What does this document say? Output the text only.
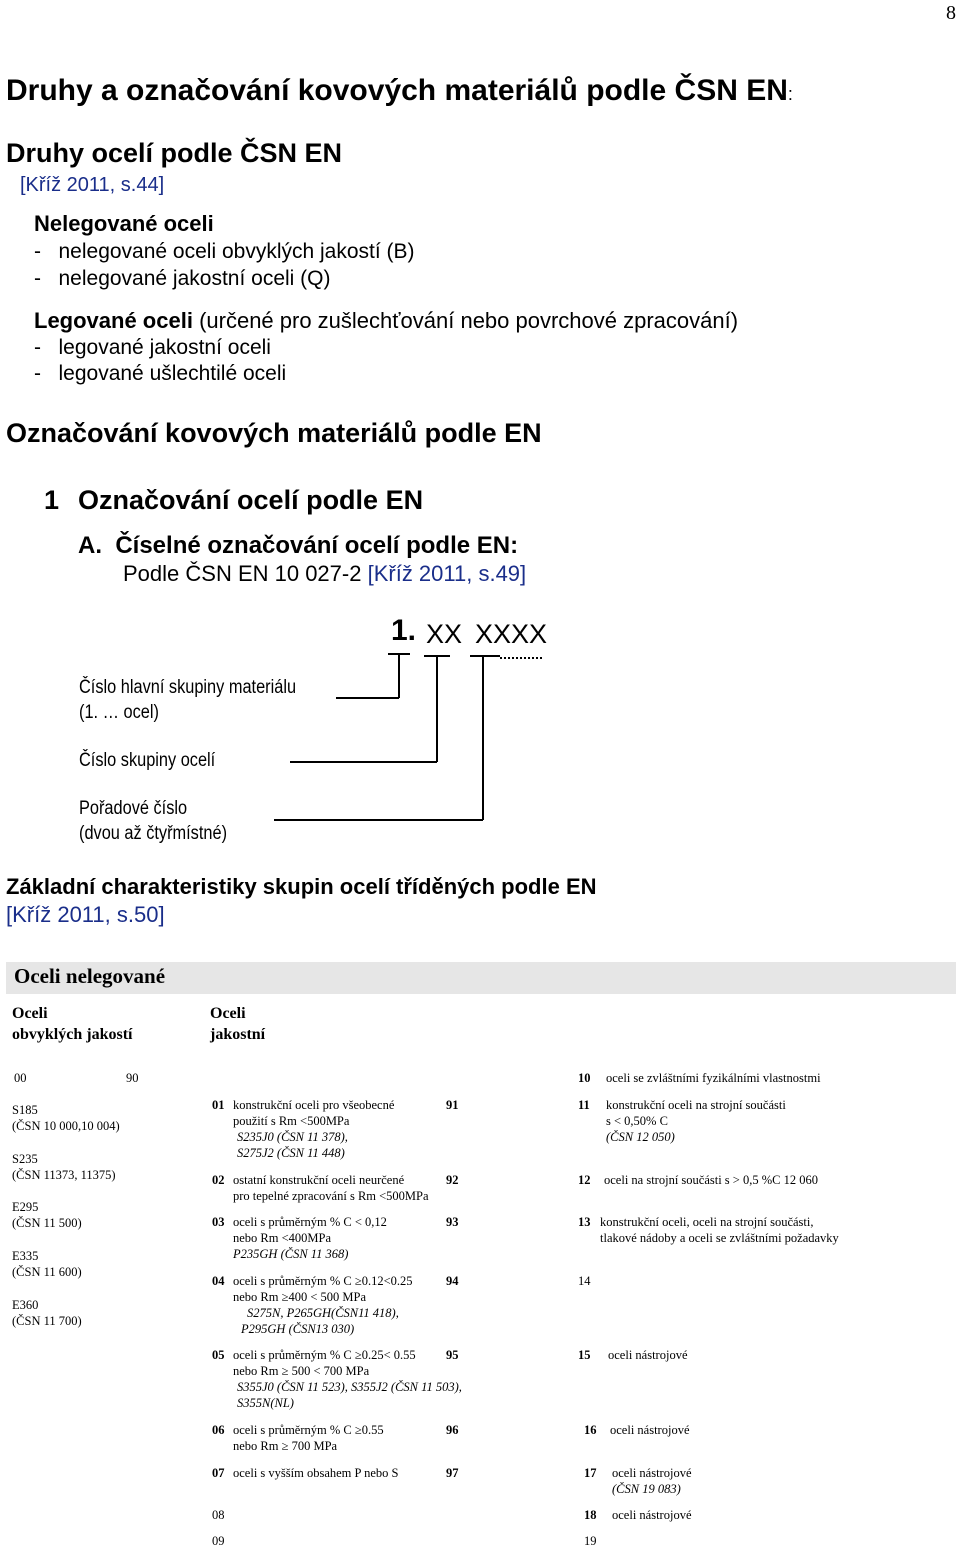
8
Druhy a označování kovových materiálů podle ČSN EN:
Druhy ocelí podle ČSN EN
[Kříž 2011, s.44]
Nelegované oceli
-   nelegované oceli obvyklých jakostí (B)
-   nelegované jakostní oceli (Q)
Legované oceli (určené pro zušlechťování nebo povrchové zpracování)
-   legované jakostní oceli
-   legované ušlechtilé oceli
Označování kovových materiálů podle EN
1 Označování ocelí podle EN
A.  Číselné označování ocelí podle EN:
Podle ČSN EN 10 027-2 [Kříž 2011, s.49]
1. XX XXXX
Číslo hlavní skupiny materiálu
(1. … ocel)
Číslo skupiny ocelí
Pořadové číslo
(dvou až čtyřmístné)
Základní charakteristiky skupin ocelí tříděných podle EN
[Kříž 2011, s.50]
Oceli nelegované
Oceli
obvyklých jakostí
Oceli
jakostní
00	90
S185
(ČSN 10 000,10 004)
S235
(ČSN 11373, 11375)
E295
(ČSN 11 500)
E335
(ČSN 11 600)
E360
(ČSN 11 700)
01 konstrukční oceli pro všeobecné
použití s Rm <500MPa
S235J0 (ČSN 11 378),
S275J2 (ČSN 11 448)
91
02 ostatní konstrukční oceli neurčené
pro tepelné zpracování s Rm <500MPa
92
03 oceli s průměrným % C < 0,12
nebo Rm <400MPa
P235GH (ČSN 11 368)
93
04 oceli s průměrným % C ≥0.12<0.25
nebo Rm ≥400 < 500 MPa
S275N, P265GH(ČSN11 418),
P295GH (ČSN13 030)
94
05 oceli s průměrným % C ≥0.25< 0.55
nebo Rm ≥ 500 < 700 MPa
S355J0 (ČSN 11 523), S355J2 (ČSN 11 503),
S355N(NL)
95
06 oceli s průměrným % C ≥0.55
nebo Rm ≥ 700 MPa
96
07 oceli s vyšším obsahem P nebo S	97
08
09
10 oceli se zvláštními fyzikálními vlastnostmi
11 konstrukční oceli na strojní součásti
s < 0,50% C
(ČSN 12 050)
12 oceli na strojní součásti s > 0,5 %C 12 060
13 konstrukční oceli, oceli na strojní součásti,
tlakové nádoby a oceli se zvláštními požadavky
14
15 oceli nástrojové
16 oceli nástrojové
17 oceli nástrojové
(ČSN 19 083)
18 oceli nástrojové
19
